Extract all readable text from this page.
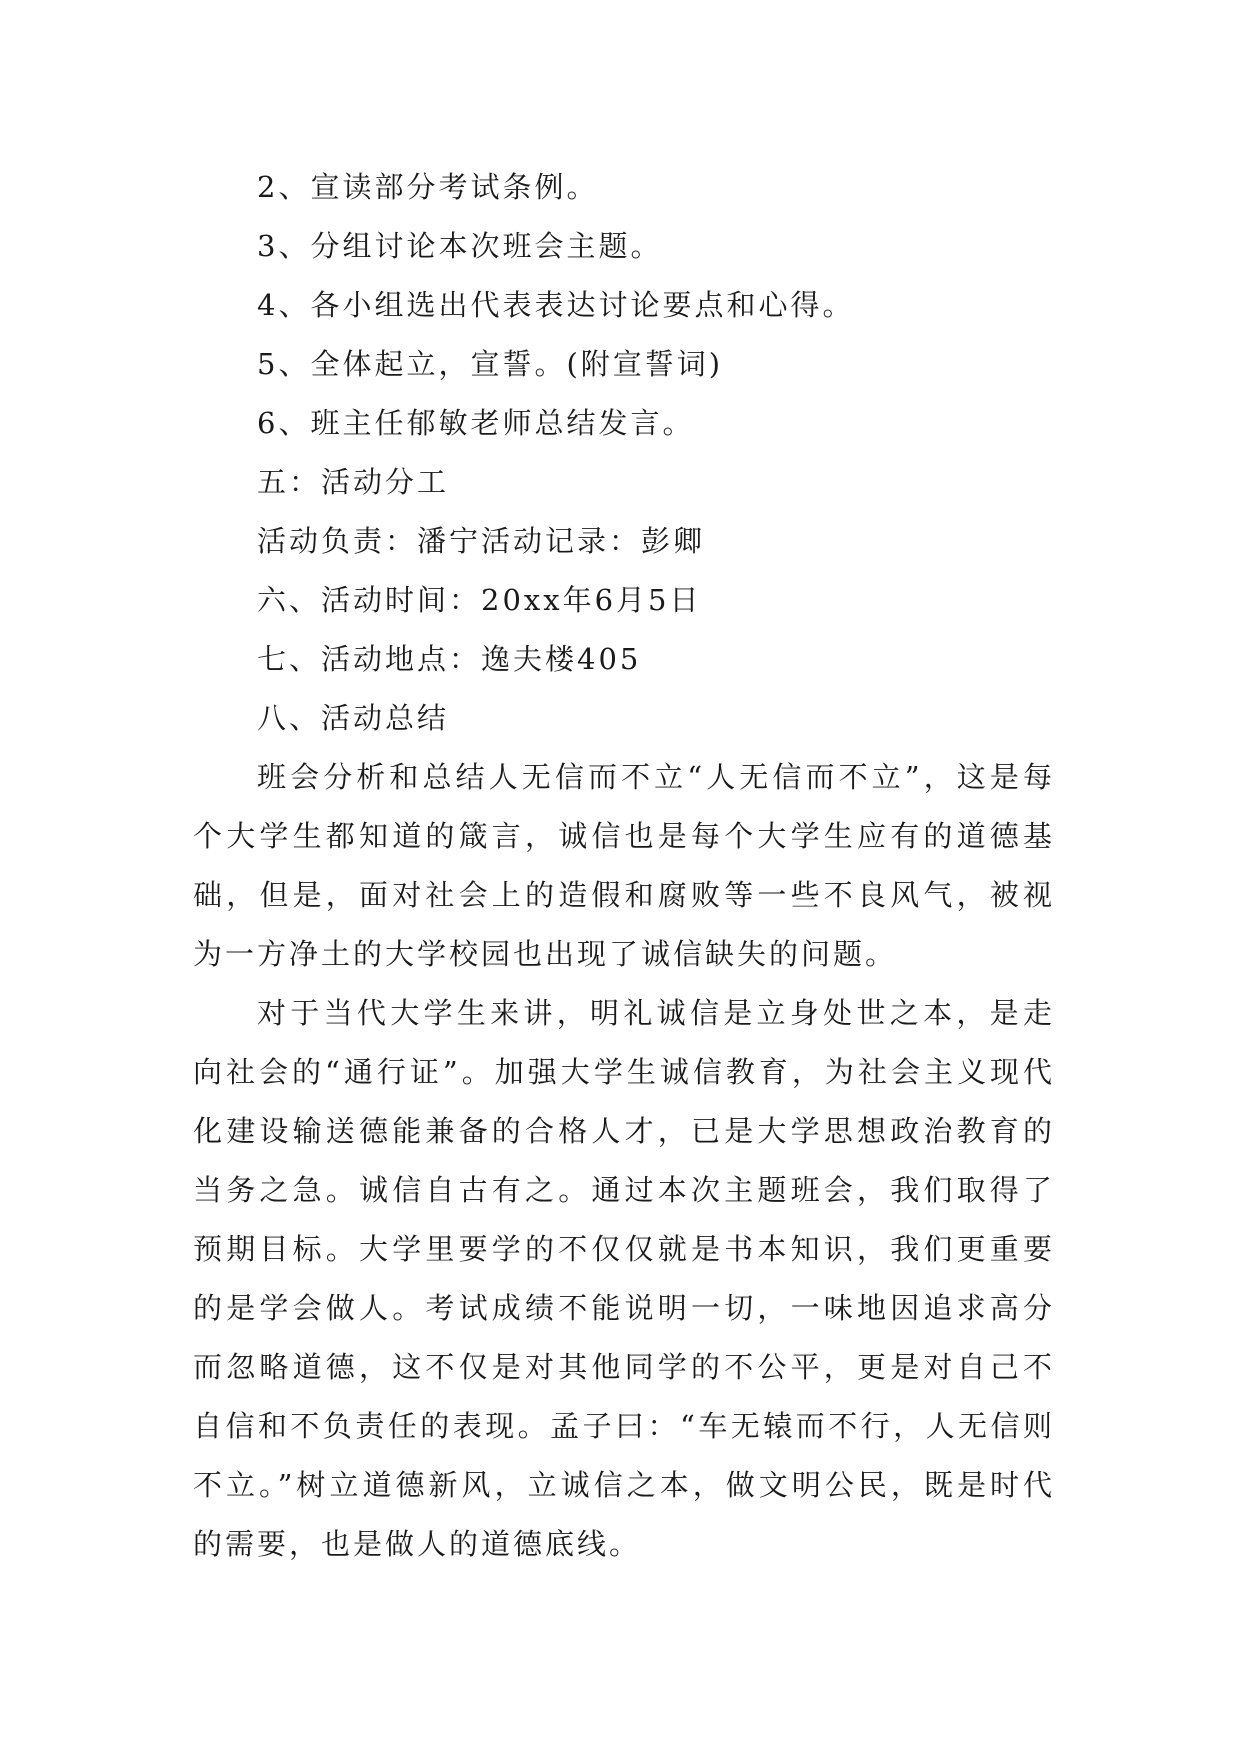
2、宣读部分考试条例。
3、分组讨论本次班会主题。
4、各小组选出代表表达讨论要点和心得。
5、全体起立，宣誓。(附宣誓词)
6、班主任郁敏老师总结发言。
五：活动分工
活动负责：潘宁活动记录：彭卿
六、活动时间：20xx年6月5日
七、活动地点：逸夫楼405
八、活动总结

班会分析和总结人无信而不立“人无信而不立”，这是每个大学生都知道的箴言，诚信也是每个大学生应有的道德基础，但是，面对社会上的造假和腐败等一些不良风气，被视为一方净土的大学校园也出现了诚信缺失的问题。

对于当代大学生来讲，明礼诚信是立身处世之本，是走向社会的“通行证”。加强大学生诚信教育，为社会主义现代化建设输送德能兼备的合格人才，已是大学思想政治教育的当务之急。诚信自古有之。通过本次主题班会，我们取得了预期目标。大学里要学的不仅仅就是书本知识，我们更重要的是学会做人。考试成绩不能说明一切，一味地因追求高分而忽略道德，这不仅是对其他同学的不公平，更是对自己不自信和不负责任的表现。孟子曰：“车无辕而不行，人无信则不立。”树立道德新风，立诚信之本，做文明公民，既是时代的需要，也是做人的道德底线。
